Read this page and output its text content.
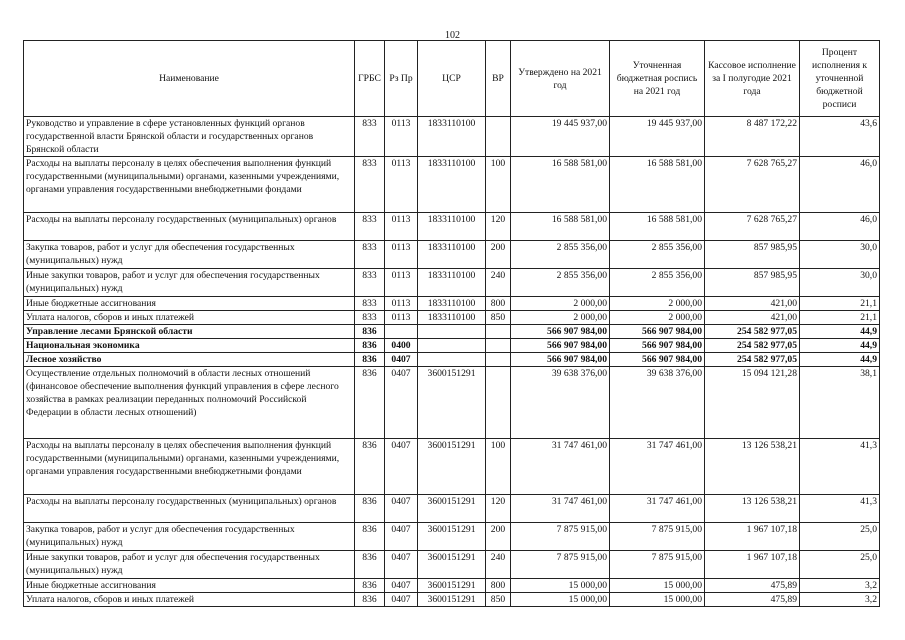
102
Наименование	ГРБС	Рз Пр	ЦСР	ВР	Утверждено на 2021 год	Уточненная бюджетная роспись на 2021 год	Кассовое исполнение за I полугодие 2021 года	Процент исполнения к уточненной бюджетной росписи
Руководство и управление в сфере установленных функций органов государственной власти Брянской области и государственных органов Брянской области	833	0113	1833110100		19 445 937,00	19 445 937,00	8 487 172,22	43,6
Расходы на выплаты персоналу в целях обеспечения выполнения функций государственными (муниципальными) органами, казенными учреждениями, органами управления государственными внебюджетными фондами	833	0113	1833110100	100	16 588 581,00	16 588 581,00	7 628 765,27	46,0
Расходы на выплаты персоналу государственных (муниципальных) органов	833	0113	1833110100	120	16 588 581,00	16 588 581,00	7 628 765,27	46,0
Закупка товаров, работ и услуг для обеспечения государственных (муниципальных) нужд	833	0113	1833110100	200	2 855 356,00	2 855 356,00	857 985,95	30,0
Иные закупки товаров, работ и услуг для обеспечения государственных (муниципальных) нужд	833	0113	1833110100	240	2 855 356,00	2 855 356,00	857 985,95	30,0
Иные бюджетные ассигнования	833	0113	1833110100	800	2 000,00	2 000,00	421,00	21,1
Уплата налогов, сборов и иных платежей	833	0113	1833110100	850	2 000,00	2 000,00	421,00	21,1
Управление лесами Брянской области	836				566 907 984,00	566 907 984,00	254 582 977,05	44,9
Национальная экономика	836	0400			566 907 984,00	566 907 984,00	254 582 977,05	44,9
Лесное хозяйство	836	0407			566 907 984,00	566 907 984,00	254 582 977,05	44,9
Осуществление отдельных полномочий в области лесных отношений (финансовое обеспечение выполнения функций управления в сфере лесного хозяйства в рамках реализации переданных полномочий Российской Федерации в области лесных отношений)	836	0407	3600151291		39 638 376,00	39 638 376,00	15 094 121,28	38,1
Расходы на выплаты персоналу в целях обеспечения выполнения функций государственными (муниципальными) органами, казенными учреждениями, органами управления государственными внебюджетными фондами	836	0407	3600151291	100	31 747 461,00	31 747 461,00	13 126 538,21	41,3
Расходы на выплаты персоналу государственных (муниципальных) органов	836	0407	3600151291	120	31 747 461,00	31 747 461,00	13 126 538,21	41,3
Закупка товаров, работ и услуг для обеспечения государственных (муниципальных) нужд	836	0407	3600151291	200	7 875 915,00	7 875 915,00	1 967 107,18	25,0
Иные закупки товаров, работ и услуг для обеспечения государственных (муниципальных) нужд	836	0407	3600151291	240	7 875 915,00	7 875 915,00	1 967 107,18	25,0
Иные бюджетные ассигнования	836	0407	3600151291	800	15 000,00	15 000,00	475,89	3,2
Уплата налогов, сборов и иных платежей	836	0407	3600151291	850	15 000,00	15 000,00	475,89	3,2
